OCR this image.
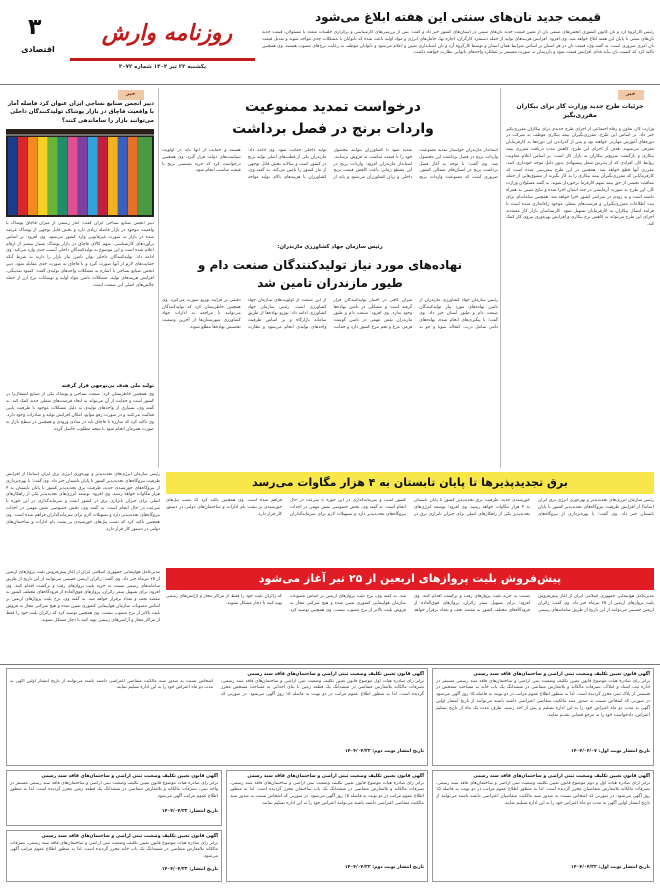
۳
اقتصادی
روزنامه وارش
یکشنبه ۲۲ تیر ۱۴۰۴ شماره ۳۰۷۲
قیمت جدید نان‌های سنتی این هفته ابلاغ می‌شود
رئیس کارگروه آرد و نان کانون کشوری انجمن‌های صنفی نان از تعیین قیمت جدید نان‌های سنتی در استان‌های کشور خبر داد و گفت: پس از بررسی‌های کارشناسی و برگزاری جلسات متعدد با مسئولان، قیمت جدید نان‌های سنتی تا پایان این هفته ابلاغ خواهد شد. وی افزود: افزایش هزینه‌های تولید از جمله دستمزد کارگران، اجاره بها، حامل‌های انرژی و مواد اولیه باعث شده که نانوایان با مشکلات جدی مواجه شوند و تعدیل قیمت نان امری ضروری است. به گفته وی، قیمت نان در هر استان بر اساس شرایط همان استان و توسط کارگروه آرد و نان استانداری تعیین و اعلام می‌شود و نانوایان موظف به رعایت نرخ‌های مصوب هستند. وی همچنین تاکید کرد که کیفیت نان نباید فدای افزایش قیمت شود و بازرسان به صورت مستمر بر عملکرد واحدهای نانوایی نظارت خواهند داشت.
خبر
دبیر انجمن صنایع نساجی ایران عنوان کرد فاصله آمار با واقعیت قاچاق در بازار پوشاک تولیدکنندگان داخلی می‌توانند بازار را ساماندهی کنند؟
دبیر انجمن صنایع نساجی ایران گفت: آمار رسمی از میزان قاچاق پوشاک با واقعیت موجود در بازار فاصله زیادی دارد و بخش قابل توجهی از پوشاک عرضه شده در بازار به صورت غیرقانونی وارد کشور می‌شود. وی افزود: بر اساس برآوردهای کارشناسی، سهم کالای قاچاق در بازار پوشاک بسیار بیشتر از ارقام اعلام شده است و این موضوع به تولیدکنندگان داخلی آسیب جدی وارد می‌کند. وی ادامه داد: تولیدکنندگان داخلی توان تامین نیاز بازار را دارند به شرط آنکه حمایت‌های لازم از آنها صورت گیرد و با قاچاق به صورت جدی مقابله شود. دبیر انجمن صنایع نساجی با اشاره به مشکلات واحدهای تولیدی گفت: کمبود نقدینگی، افزایش هزینه‌های تولید، مشکلات تامین مواد اولیه و نوسانات نرخ ارز از جمله چالش‌های اصلی این صنعت است.
تولید ملی هدف بی‌توجهی قرار گرفته
وی همچنین خاطرنشان کرد: صنعت نساجی و پوشاک یکی از صنایع اشتغال‌زا در کشور است و حمایت از آن می‌تواند به ایجاد فرصت‌های شغلی جدید کمک کند. به گفته وی، بسیاری از واحدهای تولیدی به دلیل مشکلات موجود با ظرفیت پایین فعالیت می‌کنند و در صورت رفع موانع، امکان افزایش تولید و صادرات وجود دارد. وی تاکید کرد که مبارزه با قاچاق باید در مبادی ورودی و همچنین در سطح بازار به صورت همزمان انجام شود تا نتیجه مطلوب حاصل گردد.
درخواست تمدید ممنوعیت واردات برنج در فصل برداشت
استاندار مازندران خواستار تمدید ممنوعیت واردات برنج در فصل برداشت این محصول شد. وی گفت: با توجه به آغاز فصل برداشت برنج در استان‌های شمالی کشور، ضروری است که ممنوعیت واردات برنج تمدید شود تا کشاورزان بتوانند محصول خود را با قیمت مناسب به فروش برسانند. استاندار مازندران افزود: واردات برنج در این مقطع زمانی باعث کاهش قیمت برنج داخلی و زیان کشاورزان می‌شود و باید از تولید داخلی حمایت شود. وی ادامه داد: مازندران یکی از قطب‌های اصلی تولید برنج در کشور است و سالانه بخش قابل توجهی از نیاز کشور را تامین می‌کند. به گفته وی، کشاورزان با هزینه‌های بالای تولید مواجه هستند و حمایت از آنها باید در اولویت سیاست‌های دولت قرار گیرد. وی همچنین درخواست کرد که خرید تضمینی برنج با قیمت مناسب انجام شود.
رئیس سازمان جهاد کشاورزی مازندران:
نهاده‌های مورد نیاز تولیدکنندگان صنعت دام و طیور مازندران تامین شد
رئیس سازمان جهاد کشاورزی مازندران از تامین نهاده‌های مورد نیاز تولیدکنندگان صنعت دام و طیور استان خبر داد. وی گفت: با پیگیری‌های انجام شده، نهاده‌های دامی شامل ذرت، کنجاله سویا و جو به میزان کافی در اختیار تولیدکنندگان قرار گرفته است و مشکلی در تامین نهاده‌ها وجود ندارد. وی افزود: صنعت دام و طیور مازندران نقش مهمی در تامین گوشت قرمز، مرغ و تخم مرغ کشور دارد و حمایت از این صنعت از اولویت‌های سازمان جهاد کشاورزی است. رئیس سازمان جهاد کشاورزی ادامه داد: توزیع نهاده‌ها از طریق سامانه بازارگاه و بر اساس ظرفیت واحدهای تولیدی انجام می‌شود و نظارت دقیقی بر فرایند توزیع صورت می‌گیرد. وی همچنین خاطرنشان کرد که تولیدکنندگان می‌توانند با مراجعه به ادارات جهاد کشاورزی شهرستان‌ها از آخرین وضعیت تخصیص نهاده‌ها مطلع شوند.
خبر
جزئیات طرح جدید وزارت کار برای بیکاران مقرری‌بگیر
وزارت کار، تعاون و رفاه اجتماعی از اجرای طرح جدیدی برای بیکاران مقرری‌بگیر خبر داد. بر اساس این طرح، مقرری‌بگیران بیمه بیکاری موظف به شرکت در دوره‌های آموزش مهارتی خواهند بود و پس از گذراندن این دوره‌ها به کارفرمایان معرفی می‌شوند. هدف از اجرای این طرح، کاهش مدت دریافت مقرری بیمه بیکاری و بازگشت سریع‌تر بیکاران به بازار کار است. بر اساس اعلام معاونت روابط کار، افرادی که از پذیرش شغل پیشنهادی بدون دلیل موجه خودداری کنند، مقرری آنها قطع خواهد شد. همچنین در این طرح پیش‌بینی شده است که کارفرمایانی که مقرری‌بگیران بیمه بیکاری را به کار بگیرند از مشوق‌هایی از جمله معافیت بخشی از حق بیمه سهم کارفرما برخوردار شوند. به گفته مسئولان وزارت کار، این طرح به صورت آزمایشی در چند استان اجرا شده و نتایج مثبتی به همراه داشته است و به زودی در سراسر کشور اجرا خواهد شد. همچنین سامانه‌ای برای ثبت اطلاعات مقرری‌بگیران و فرصت‌های شغلی موجود راه‌اندازی شده است تا فرایند اتصال بیکاران به کارفرمایان تسهیل شود. کارشناسان بازار کار معتقدند اجرای این طرح می‌تواند به کاهش نرخ بیکاری و افزایش بهره‌وری نیروی کار کمک کند.
برق تجدیدپذیرها تا پایان تابستان به ۴ هزار مگاوات می‌رسد
رئیس سازمان انرژی‌های تجدیدپذیر و بهره‌وری انرژی برق ایران (ساتبا) از افزایش ظرفیت نیروگاه‌های تجدیدپذیر کشور تا پایان تابستان خبر داد. وی گفت: با بهره‌برداری از نیروگاه‌های خورشیدی جدید، ظرفیت برق تجدیدپذیر کشور تا پایان تابستان به ۴ هزار مگاوات خواهد رسید. وی افزود: توسعه انرژی‌های تجدیدپذیر یکی از راهکارهای اصلی برای جبران ناترازی برق در کشور است و سرمایه‌گذاری در این حوزه با سرعت در حال انجام است. به گفته وی، بخش خصوصی نقش مهمی در احداث نیروگاه‌های تجدیدپذیر دارد و تسهیلات لازم برای سرمایه‌گذاران فراهم شده است. وی همچنین تاکید کرد که نصب پنل‌های خورشیدی بر پشت بام ادارات و ساختمان‌های دولتی در دستور کار قرار دارد.
رئیس سازمان انرژی‌های تجدیدپذیر و بهره‌وری انرژی برق ایران (ساتبا) از افزایش ظرفیت نیروگاه‌های تجدیدپذیر کشور تا پایان تابستان خبر داد. وی گفت: با بهره‌برداری از نیروگاه‌های خورشیدی جدید، ظرفیت برق تجدیدپذیر کشور تا پایان تابستان به ۴ هزار مگاوات خواهد رسید. وی افزود: توسعه انرژی‌های تجدیدپذیر یکی از راهکارهای اصلی برای جبران ناترازی برق در کشور است و سرمایه‌گذاری در این حوزه با سرعت در حال انجام است. به گفته وی، بخش خصوصی نقش مهمی در احداث نیروگاه‌های تجدیدپذیر دارد و تسهیلات لازم برای سرمایه‌گذاران فراهم شده است. وی همچنین تاکید کرد که نصب پنل‌های خورشیدی بر پشت بام ادارات و ساختمان‌های دولتی در دستور کار قرار دارد.
پیش‌فروش بلیت پروازهای اربعین از ۲۵ تیر آغاز می‌شود
مدیرعامل هواپیمایی جمهوری اسلامی ایران از آغاز پیش‌فروش بلیت پروازهای اربعین از ۲۵ تیرماه خبر داد. وی گفت: زائران اربعین حسینی می‌توانند از این تاریخ از طریق سامانه‌های رسمی نسبت به خرید بلیت پروازهای رفت و برگشت اقدام کنند. وی افزود: برای تسهیل سفر زائران، پروازهای فوق‌العاده از فرودگاه‌های مختلف کشور به مقصد نجف و بغداد برقرار خواهد شد. به گفته وی، نرخ بلیت پروازهای اربعین بر اساس مصوبات سازمان هواپیمایی کشوری تعیین شده و هیچ شرکتی مجاز به فروش بلیت بالاتر از نرخ مصوب نیست. وی همچنین توصیه کرد که زائران بلیت خود را فقط از مراکز مجاز و آژانس‌های رسمی تهیه کنند تا دچار مشکل نشوند.
مدیرعامل هواپیمایی جمهوری اسلامی ایران از آغاز پیش‌فروش بلیت پروازهای اربعین از ۲۵ تیرماه خبر داد. وی گفت: زائران اربعین حسینی می‌توانند از این تاریخ از طریق سامانه‌های رسمی نسبت به خرید بلیت پروازهای رفت و برگشت اقدام کنند. وی افزود: برای تسهیل سفر زائران، پروازهای فوق‌العاده از فرودگاه‌های مختلف کشور به مقصد نجف و بغداد برقرار خواهد شد. به گفته وی، نرخ بلیت پروازهای اربعین بر اساس مصوبات سازمان هواپیمایی کشوری تعیین شده و هیچ شرکتی مجاز به فروش بلیت بالاتر از نرخ مصوب نیست. وی همچنین توصیه کرد که زائران بلیت خود را فقط از مراکز مجاز و آژانس‌های رسمی تهیه کنند تا دچار مشکل نشوند.
آگهی قانون تعیین تکلیف وضعیت ثبتی اراضی و ساختمان‌های فاقد سند رسمی
برابر رای صادره هیات موضوع قانون تعیین تکلیف وضعیت ثبتی اراضی و ساختمان‌های فاقد سند رسمی مستقر در اداره ثبت اسناد و املاک، تصرفات مالکانه و بلامعارض متقاضی در ششدانگ یک باب خانه به مساحت مشخص در قسمتی از پلاک ثبتی محرز گردیده است. لذا به منظور اطلاع عموم مراتب در دو نوبت به فاصله ۱۵ روز آگهی می‌شود در صورتی که اشخاص نسبت به صدور سند مالکیت متقاضی اعتراضی داشته باشند می‌توانند از تاریخ انتشار اولین آگهی به مدت دو ماه اعتراض خود را به این اداره تسلیم و پس از اخذ رسید، ظرف مدت یک ماه از تاریخ تسلیم اعتراض، دادخواست خود را به مرجع قضایی تقدیم نمایند.
تاریخ انتشار نوبت اول: ۱۴۰۴/۰۴/۰۷
آگهی قانون تعیین تکلیف وضعیت ثبتی اراضی و ساختمان‌های فاقد سند رسمی
برابر رای صادره هیات اول موضوع قانون تعیین تکلیف وضعیت ثبتی اراضی و ساختمان‌های فاقد سند رسمی، تصرفات مالکانه بلامعارض متقاضی در ششدانگ یک قطعه زمین با بنای احداثی به مساحت مشخص محرز گردیده است. لذا به منظور اطلاع عموم مراتب در دو نوبت به فاصله ۱۵ روز آگهی می‌شود. در صورتی که اشخاص نسبت به صدور سند مالکیت متقاضی اعتراضی داشته باشند می‌توانند از تاریخ انتشار اولین آگهی به مدت دو ماه اعتراض خود را به این اداره تسلیم نمایند.
تاریخ انتشار نوبت دوم: ۱۴۰۴/۰۴/۲۲
آگهی قانون تعیین تکلیف وضعیت ثبتی اراضی و ساختمان‌های فاقد سند رسمی
برابر آرای صادره هیات اول و دوم موضوع قانون تعیین تکلیف وضعیت ثبتی اراضی و ساختمان‌های فاقد سند رسمی، تصرفات مالکانه بلامعارض متقاضیان محرز گردیده است. لذا به منظور اطلاع عموم مراتب در دو نوبت به فاصله ۱۵ روز آگهی می‌شود. در صورتی که اشخاص نسبت به صدور سند مالکیت متقاضیان اعتراضی داشته باشند می‌توانند از تاریخ انتشار اولین آگهی به مدت دو ماه اعتراض خود را به این اداره تسلیم نمایند.
تاریخ انتشار نوبت اول: ۱۴۰۴/۰۴/۲۲
آگهی قانون تعیین تکلیف وضعیت ثبتی اراضی و ساختمان‌های فاقد سند رسمی
برابر رای صادره هیات موضوع قانون تعیین تکلیف وضعیت ثبتی اراضی و ساختمان‌های فاقد سند رسمی، تصرفات مالکانه و بلامعارض متقاضی در ششدانگ یک باب ساختمان محرز گردیده است. لذا به منظور اطلاع عموم مراتب در دو نوبت به فاصله ۱۵ روز آگهی می‌شود. در صورتی که اشخاص نسبت به صدور سند مالکیت متقاضی اعتراضی داشته باشند می‌توانند اعتراض خود را به این اداره تسلیم نمایند.
تاریخ انتشار نوبت دوم: ۱۴۰۴/۰۴/۲۲
آگهی قانون تعیین تکلیف وضعیت ثبتی اراضی و ساختمان‌های فاقد سند رسمی
برابر رای صادره هیات موضوع قانون تعیین تکلیف وضعیت ثبتی اراضی و ساختمان‌های فاقد سند رسمی مستقر در واحد ثبتی، تصرفات مالکانه و بلامعارض متقاضی در ششدانگ یک قطعه زمین محرز گردیده است. لذا به منظور اطلاع عموم مراتب آگهی می‌شود.
تاریخ انتشار: ۱۴۰۴/۰۴/۲۲
آگهی قانون تعیین تکلیف وضعیت ثبتی اراضی و ساختمان‌های فاقد سند رسمی
برابر رای صادره هیات موضوع قانون تعیین تکلیف وضعیت ثبتی اراضی و ساختمان‌های فاقد سند رسمی، تصرفات مالکانه بلامعارض متقاضی در ششدانگ یک باب خانه محرز گردیده است. لذا به منظور اطلاع عموم مراتب آگهی می‌شود.
تاریخ انتشار: ۱۴۰۴/۰۴/۲۲
